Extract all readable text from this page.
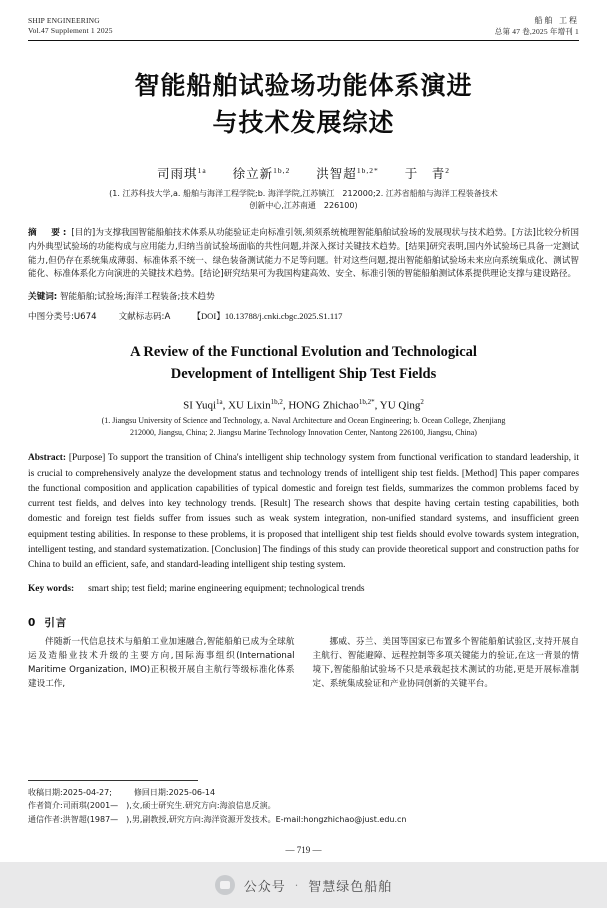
SHIP ENGINEERING
Vol.47 Supplement 1 2025
船舶 工程
总第 47 卷,2025 年增刊 1
智能船舶试验场功能体系演进
与技术发展综述
司雨琪$^{1a}$ 徐立新$^{1b,2}$ 洪智超$^{1b,2*}$ 于　青$^2$
(1. 江苏科技大学,a. 船舶与海洋工程学院;b. 海洋学院,江苏镇江　212000;2. 江苏省船舶与海洋工程装备技术
创新中心,江苏南通　226100)
摘　要: [目的]为支撑我国智能船舶技术体系从功能验证走向标准引领,须须系统梳理智能船舶试验场的发展现状与技术趋势。[方法]比较分析国内外典型试验场的功能构成与应用能力,归纳当前试验场面临的共性问题,并深入探讨关键技术趋势。[结果]研究表明,国内外试验场已具备一定测试能力,但仍存在系统集成薄弱、标准体系不统一、绿色装备测试能力不足等问题。针对这些问题,提出智能船舶试验场未来应向系统集成化、测试智能化、标准体系化方向演进的关键技术趋势。[结论]研究结果可为我国构建高效、安全、标准引领的智能船舶测试体系提供理论支撑与建设路径。
关键词: 智能船舶;试验场;海洋工程装备;技术趋势
中图分类号:U674	文献标志码:A	【DOI】10.13788/j.cnki.cbgc.2025.S1.117
A Review of the Functional Evolution and Technological
Development of Intelligent Ship Test Fields
SI Yuqi$^{1a}$, XU Lixin$^{1b,2}$, HONG Zhichao$^{1b,2*}$, YU Qing$^2$
(1. Jiangsu University of Science and Technology, a. Naval Architecture and Ocean Engineering; b. Ocean College, Zhenjiang
212000, Jiangsu, China; 2. Jiangsu Marine Technology Innovation Center, Nantong 226100, Jiangsu, China)
Abstract: [Purpose] To support the transition of China's intelligent ship technology system from functional verification to standard leadership, it is crucial to comprehensively analyze the development status and technology trends of intelligent ship test fields. [Method] This paper compares the functional composition and application capabilities of typical domestic and foreign test fields, summarizes the common problems faced by current test fields, and delves into key technology trends. [Result] The research shows that despite having certain testing capabilities, both domestic and foreign test fields suffer from issues such as weak system integration, non-unified standard systems, and insufficient green equipment testing abilities. In response to these problems, it is proposed that intelligent ship test fields should evolve towards system integration, intelligent testing, and standard systematization. [Conclusion] The findings of this study can provide theoretical support and construction paths for China to build an efficient, safe, and standard-leading intelligent ship testing system.
Key words: smart ship; test field; marine engineering equipment; technological trends
0 引言

伴随新一代信息技术与船舶工业加速融合,智能船舶已成为全球航运及造船业技术升级的主要方向,国际海事组织(International Maritime Organization, IMO)正积极开展自主航行等级标准化体系建设工作,

挪威、芬兰、美国等国家已布置多个智能船舶试验区,支持开展自主航行、智能避障、远程控制等多项关键能力的验证,在这一背景的情境下,智能船舶试验场不只是承载起技术测试的功能,更是开展标准制定、系统集成验证和产业协同创新的关键平台。

收稿日期:2025-04-27;	修回日期:2025-06-14
作者简介:司雨琪(2001—　),女,硕士研究生.研究方向:海浪信息反演。
通信作者:洪智超(1987—　),男,副教授,研究方向:海洋资源开发技术。E-mail:hongzhichao@just.edu.cn
— 719 —
公众号 · 智慧绿色船舶
